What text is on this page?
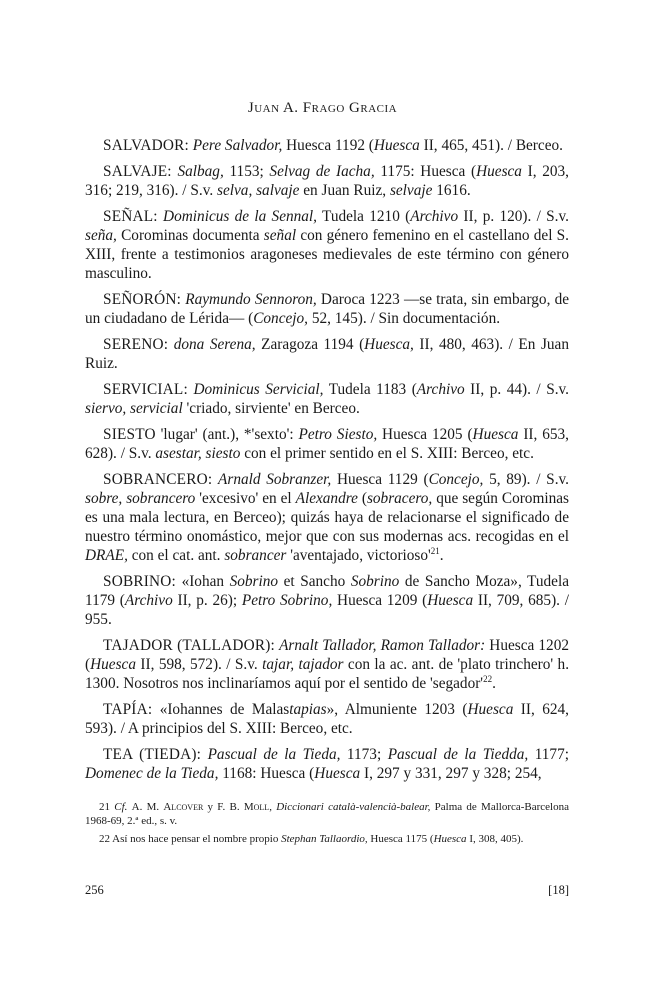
Juan A. Frago Gracia

SALVADOR: Pere Salvador, Huesca 1192 (Huesca II, 465, 451). / Berceo.

SALVAJE: Salbag, 1153; Selvag de Iacha, 1175: Huesca (Huesca I, 203, 316; 219, 316). / S.v. selva, salvaje en Juan Ruiz, selvaje 1616.

SEÑAL: Dominicus de la Sennal, Tudela 1210 (Archivo II, p. 120). / S.v. seña, Corominas documenta señal con género femenino en el castellano del S. XIII, frente a testimonios aragoneses medievales de este término con género masculino.

SEÑORÓN: Raymundo Sennoron, Daroca 1223 —se trata, sin embargo, de un ciudadano de Lérida— (Concejo, 52, 145). / Sin documentación.

SERENO: dona Serena, Zaragoza 1194 (Huesca, II, 480, 463). / En Juan Ruiz.

SERVICIAL: Dominicus Servicial, Tudela 1183 (Archivo II, p. 44). / S.v. siervo, servicial 'criado, sirviente' en Berceo.

SIESTO 'lugar' (ant.), *'sexto': Petro Siesto, Huesca 1205 (Huesca II, 653, 628). / S.v. asestar, siesto con el primer sentido en el S. XIII: Berceo, etc.

SOBRANCERO: Arnald Sobranzer, Huesca 1129 (Concejo, 5, 89). / S.v. sobre, sobrancero 'excesivo' en el Alexandre (sobracero, que según Corominas es una mala lectura, en Berceo); quizás haya de relacionarse el significado de nuestro término onomástico, mejor que con sus modernas acs. recogidas en el DRAE, con el cat. ant. sobrancer 'aventajado, $victorioso'^{21}$.

SOBRINO: «Iohan Sobrino et Sancho Sobrino de Sancho Moza», Tudela 1179 (Archivo II, p. 26); Petro Sobrino, Huesca 1209 (Huesca II, 709, 685). / 955.

TAJADOR (TALLADOR): Arnalt Tallador, Ramon Tallador: Huesca 1202 (Huesca II, 598, 572). / S.v. tajar, tajador con la ac. ant. de 'plato trinchero' h. 1300. Nosotros nos inclinaríamos aquí por el sentido de '$segador'^{22}$.

TAPÍA: «Iohannes de Malastapias», Almuniente 1203 (Huesca II, 624, 593). / A principios del S. XIII: Berceo, etc.

TEA (TIEDA): Pascual de la Tieda, 1173; Pascual de la Tiedda, 1177; Domenec de la Tieda, 1168: Huesca (Huesca I, 297 y 331, 297 y 328; 254,

21 Cf. A. M. Alcover y F. B. Moll, Diccionari català-valencià-balear, Palma de Mallorca-Barcelona 1968-69, 2.ª ed., s. v.

22 Así nos hace pensar el nombre propio Stephan Tallaordio, Huesca 1175 (Huesca I, 308, 405).

256	[18]
